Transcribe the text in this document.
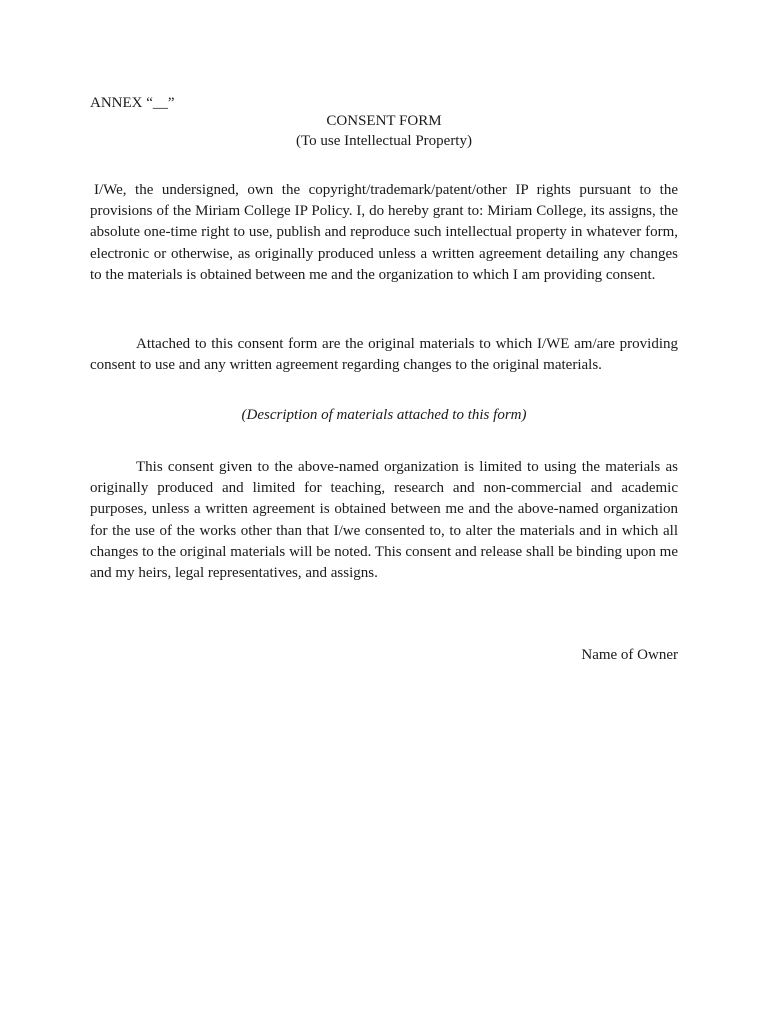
ANNEX “__”
CONSENT FORM
(To use Intellectual Property)

I/We, the undersigned, own the copyright/trademark/patent/other IP rights pursuant to the provisions of the Miriam College IP Policy. I, do hereby grant to: Miriam College, its assigns, the absolute one-time right to use, publish and reproduce such intellectual property in whatever form, electronic or otherwise, as originally produced unless a written agreement detailing any changes to the materials is obtained between me and the organization to which I am providing consent.

Attached to this consent form are the original materials to which I/WE am/are providing consent to use and any written agreement regarding changes to the original materials.

(Description of materials attached to this form)

This consent given to the above-named organization is limited to using the materials as originally produced and limited for teaching, research and non-commercial and academic purposes, unless a written agreement is obtained between me and the above-named organization for the use of the works other than that I/we consented to, to alter the materials and in which all changes to the original materials will be noted. This consent and release shall be binding upon me and my heirs, legal representatives, and assigns.

Name of Owner
